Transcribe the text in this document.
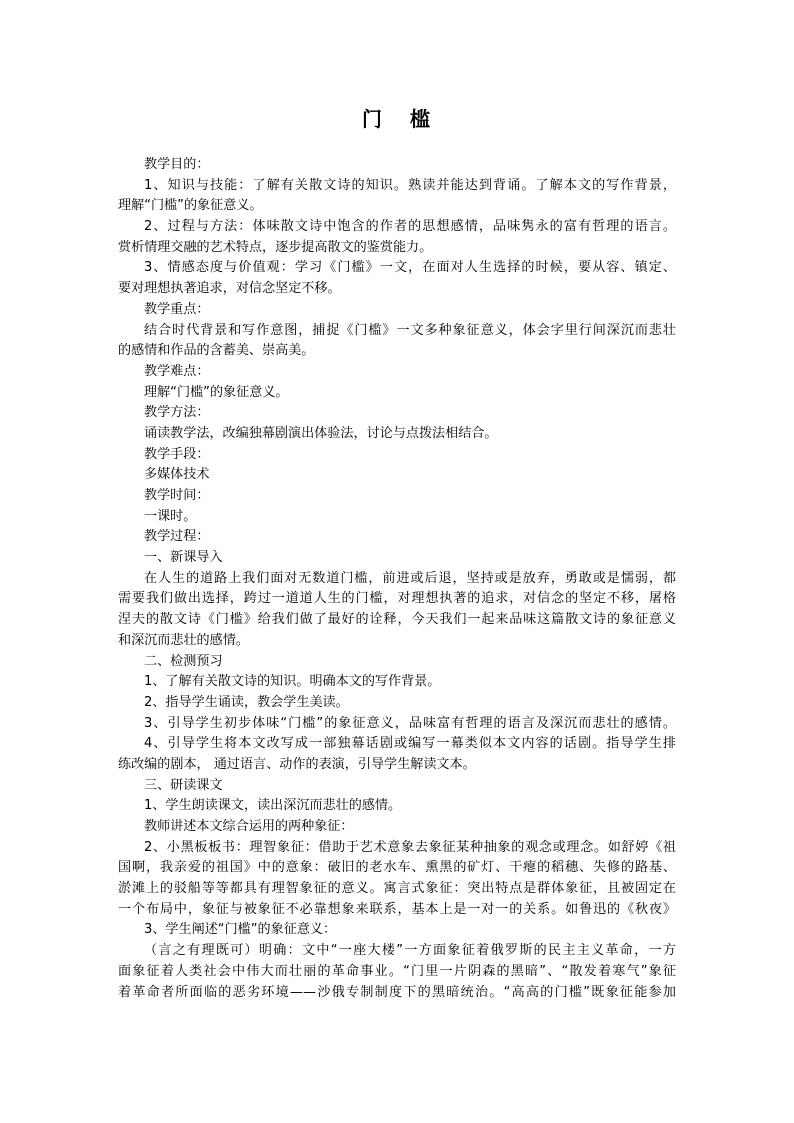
门 槛
教学目的：
1、知识与技能：了解有关散文诗的知识。熟读并能达到背诵。了解本文的写作背景，
理解“门槛”的象征意义。
2、过程与方法：体味散文诗中饱含的作者的思想感情，品味隽永的富有哲理的语言。
赏析情理交融的艺术特点，逐步提高散文的鉴赏能力。
3、情感态度与价值观：学习《门槛》一文，在面对人生选择的时候，要从容、镇定、
要对理想执著追求，对信念坚定不移。
教学重点：
结合时代背景和写作意图，捕捉《门槛》一文多种象征意义，体会字里行间深沉而悲壮
的感情和作品的含蓄美、崇高美。
教学难点：
理解“门槛”的象征意义。
教学方法：
诵读教学法，改编独幕剧演出体验法，讨论与点拨法相结合。
教学手段：
多媒体技术
教学时间：
一课时。
教学过程：
一、新课导入
在人生的道路上我们面对无数道门槛，前进或后退，坚持或是放弃，勇敢或是懦弱，都
需要我们做出选择，跨过一道道人生的门槛，对理想执著的追求，对信念的坚定不移，屠格
涅夫的散文诗《门槛》给我们做了最好的诠释，今天我们一起来品味这篇散文诗的象征意义
和深沉而悲壮的感情。
二、检测预习
1、了解有关散文诗的知识。明确本文的写作背景。
2、指导学生诵读，教会学生美读。
3、引导学生初步体味“门槛”的象征意义，品味富有哲理的语言及深沉而悲壮的感情。
4、引导学生将本文改写成一部独幕话剧或编写一幕类似本文内容的话剧。指导学生排
练改编的剧本， 通过语言、动作的表演，引导学生解读文本。
三、研读课文
1、学生朗读课文，读出深沉而悲壮的感情。
教师讲述本文综合运用的两种象征：
2、小黑板板书：理智象征：借助于艺术意象去象征某种抽象的观念或理念。如舒婷《祖
国啊，我亲爱的祖国》中的意象：破旧的老水车、熏黑的矿灯、干瘪的稻穗、失修的路基、
淤滩上的驳船等等都具有理智象征的意义。寓言式象征：突出特点是群体象征，且被固定在
一个布局中，象征与被象征不必靠想象来联系，基本上是一对一的关系。如鲁迅的《秋夜》
3、学生阐述“门槛”的象征意义：
（言之有理既可）明确：文中“一座大楼”一方面象征着俄罗斯的民主主义革命，一方
面象征着人类社会中伟大而壮丽的革命事业。“门里一片阴森的黑暗”、“散发着寒气”象征
着革命者所面临的恶劣环境——沙俄专制制度下的黑暗统治。“高高的门槛”既象征能参加
